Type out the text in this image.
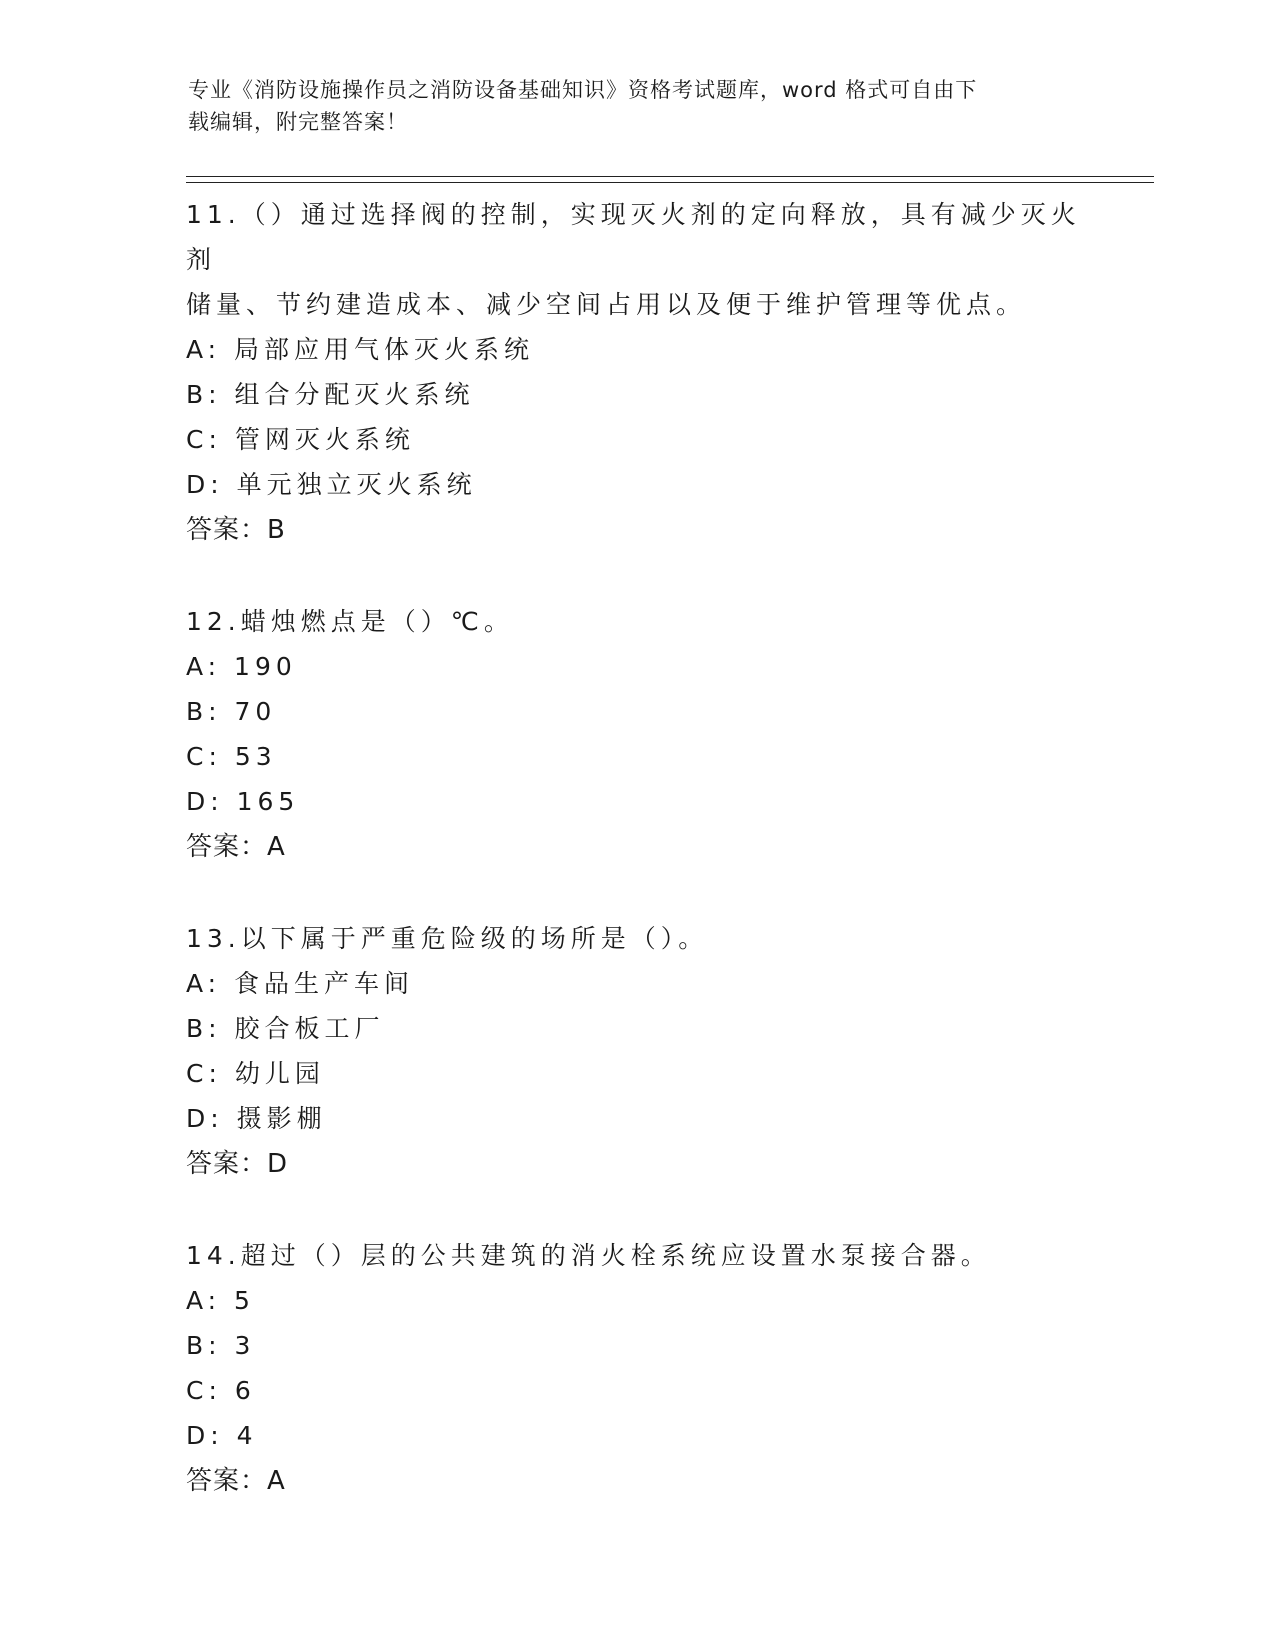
专业《消防设施操作员之消防设备基础知识》资格考试题库，word 格式可自由下
载编辑，附完整答案！
11.（）通过选择阀的控制，实现灭火剂的定向释放，具有减少灭火剂
储量、节约建造成本、减少空间占用以及便于维护管理等优点。
A: 局部应用气体灭火系统
B: 组合分配灭火系统
C: 管网灭火系统
D: 单元独立灭火系统
答案：B
12.蜡烛燃点是（）℃。
A: 190
B: 70
C: 53
D: 165
答案：A
13.以下属于严重危险级的场所是（）。
A: 食品生产车间
B: 胶合板工厂
C: 幼儿园
D: 摄影棚
答案：D
14.超过（）层的公共建筑的消火栓系统应设置水泵接合器。
A: 5
B: 3
C: 6
D: 4
答案：A
